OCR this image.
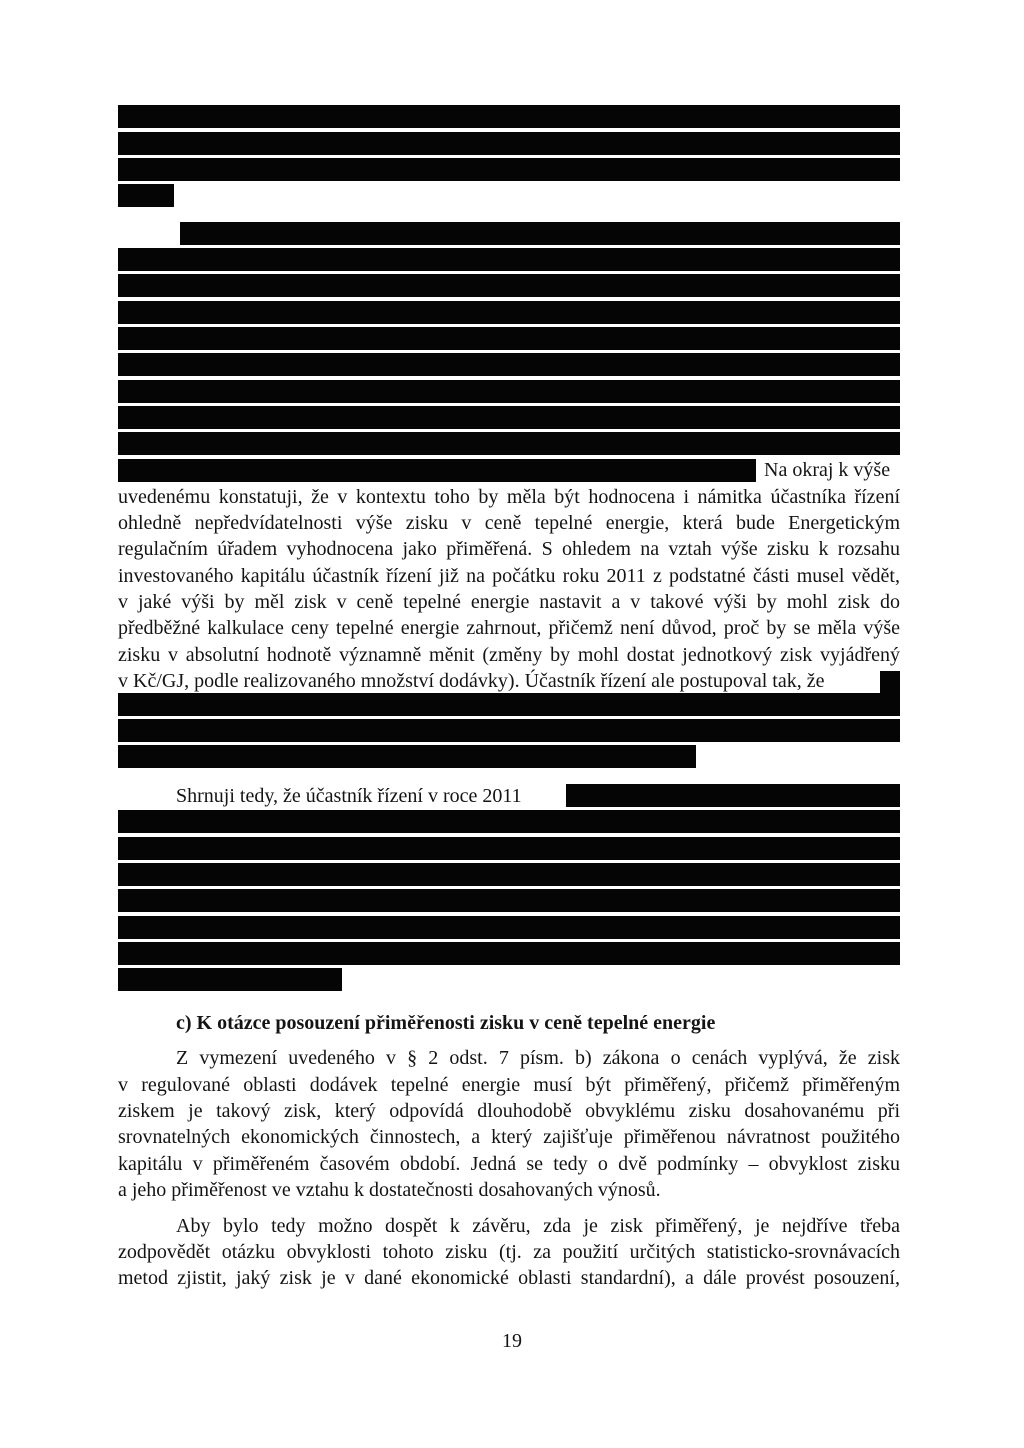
Na okraj k výše
uvedenému konstatuji, že v kontextu toho by měla být hodnocena i námitka účastníka řízení
ohledně nepředvídatelnosti výše zisku v ceně tepelné energie, která bude Energetickým
regulačním úřadem vyhodnocena jako přiměřená. S ohledem na vztah výše zisku k rozsahu
investovaného kapitálu účastník řízení již na počátku roku 2011 z podstatné části musel vědět,
v jaké výši by měl zisk v ceně tepelné energie nastavit a v takové výši by mohl zisk do
předběžné kalkulace ceny tepelné energie zahrnout, přičemž není důvod, proč by se měla výše
zisku v absolutní hodnotě významně měnit (změny by mohl dostat jednotkový zisk vyjádřený
v Kč/GJ, podle realizovaného množství dodávky). Účastník řízení ale postupoval tak, že
Shrnuji tedy, že účastník řízení v roce 2011
c) K otázce posouzení přiměřenosti zisku v ceně tepelné energie
Z vymezení uvedeného v § 2 odst. 7 písm. b) zákona o cenách vyplývá, že zisk
v regulované oblasti dodávek tepelné energie musí být přiměřený, přičemž přiměřeným
ziskem je takový zisk, který odpovídá dlouhodobě obvyklému zisku dosahovanému při
srovnatelných ekonomických činnostech, a který zajišťuje přiměřenou návratnost použitého
kapitálu v přiměřeném časovém období. Jedná se tedy o dvě podmínky – obvyklost zisku
a jeho přiměřenost ve vztahu k dostatečnosti dosahovaných výnosů.
Aby bylo tedy možno dospět k závěru, zda je zisk přiměřený, je nejdříve třeba
zodpovědět otázku obvyklosti tohoto zisku (tj. za použití určitých statisticko-srovnávacích
metod zjistit, jaký zisk je v dané ekonomické oblasti standardní), a dále provést posouzení,
19
